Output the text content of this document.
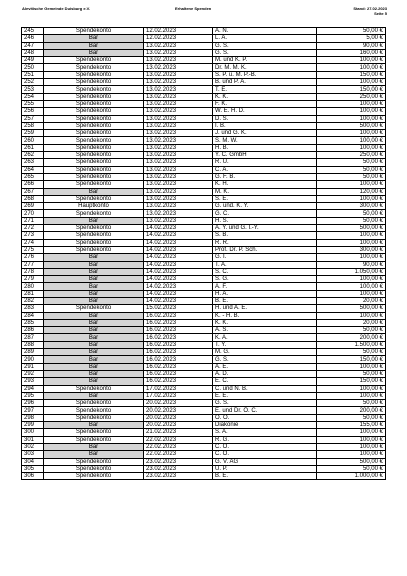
Alevitische Gemeinde Duisburg e.V.	Erhaltene Spenden	Stand: 27.02.2023
Seite 5
245	Spendekonto	12.02.2023	A. N.	50,00 €
246	Bar	12.02.2023	L. A.	5,00 €
247	Bar	13.02.2023	G. S.	90,00 €
248	Bar	13.02.2023	G. S.	160,00 €
249	Spendekonto	13.02.2023	M. und K. P.	100,00 €
250	Spendekonto	13.02.2023	Dr. M. M. K.	100,00 €
251	Spendekonto	13.02.2023	S. P. u. M. P.-B.	150,00 €
252	Spendekonto	13.02.2023	B. und P. A.	100,00 €
253	Spendekonto	13.02.2023	T. E.	150,00 €
254	Spendekonto	13.02.2023	K. K.	250,00 €
255	Spendekonto	13.02.2023	F. K.	100,00 €
256	Spendekonto	13.02.2023	W. E. H. D.	100,00 €
257	Spendekonto	13.02.2023	D. S.	100,00 €
258	Spendekonto	13.02.2023	I. B.	500,00 €
259	Spendekonto	13.02.2023	J. und G. K.	100,00 €
260	Spendekonto	13.02.2023	S. M. W.	100,00 €
261	Spendekonto	13.02.2023	H. B.	100,00 €
262	Spendekonto	13.02.2023	Y. C. GmbH	250,00 €
263	Spendekonto	13.02.2023	R. Ü.	50,00 €
264	Spendekonto	13.02.2023	C. A.	50,00 €
265	Spendekonto	13.02.2023	G. F. B.	50,00 €
266	Spendekonto	13.02.2023	K. H.	100,00 €
267	Bar	13.02.2023	M. K.	120,00 €
268	Spendekonto	13.02.2023	S. E.	100,00 €
269	Hauptkonto	13.02.2023	G. und. K. Y.	300,00 €
270	Spendekonto	13.02.2023	G. C.	50,00 €
271	Bar	13.02.2023	H. S.	50,00 €
272	Spendekonto	14.02.2023	A. Y. und G. I.-Y.	500,00 €
273	Spendekonto	14.02.2023	S. B.	100,00 €
274	Spendekonto	14.02.2023	R. R.	100,00 €
275	Spendekonto	14.02.2023	Prof. Dr. P. Sch.	300,00 €
276	Bar	14.02.2023	G. I.	100,00 €
277	Bar	14.02.2023	T. A.	90,00 €
278	Bar	14.02.2023	S. C.	1.050,00 €
279	Bar	14.02.2023	S. G.	100,00 €
280	Bar	14.02.2023	A. F.	100,00 €
281	Bar	14.02.2023	H. A.	100,00 €
282	Bar	14.02.2023	B. E.	20,00 €
283	Spendekonto	15.02.2023	H. und A. E.	500,00 €
284	Bar	16.02.2023	K. - H. B.	100,00 €
285	Bar	16.02.2023	K. K.	20,00 €
286	Bar	16.02.2023	A. S.	50,00 €
287	Bar	16.02.2023	K. A.	200,00 €
288	Bar	16.02.2023	T. Y.	1.500,00 €
289	Bar	16.02.2023	M. G.	50,00 €
290	Bar	16.02.2023	G. S.	150,00 €
291	Bar	16.02.2023	A. E.	100,00 €
292	Bar	16.02.2023	A. D.	50,00 €
293	Bar	16.02.2023	E. C.	150,00 €
294	Spendekonto	17.02.2023	C. und N. B.	100,00 €
295	Bar	17.02.2023	E. E.	100,00 €
296	Spendekonto	20.02.2023	G. S.	50,00 €
297	Spendekonto	20.02.2023	E. und Dr. Ö. C.	200,00 €
298	Spendekonto	20.02.2023	Ö. Ö.	50,00 €
299	Bar	20.02.2023	Diakonie	155,00 €
300	Spendekonto	21.02.2023	S. A.	100,00 €
301	Spendekonto	22.02.2023	R. G.	100,00 €
302	Bar	22.02.2023	C. Ö.	100,00 €
303	Bar	22.02.2023	C. Ö.	100,00 €
304	Spendekonto	23.02.2023	G. V. AG	500,00 €
305	Spendekonto	23.02.2023	U. P.	50,00 €
306	Spendekonto	23.02.2023	B. E.	1.000,00 €
